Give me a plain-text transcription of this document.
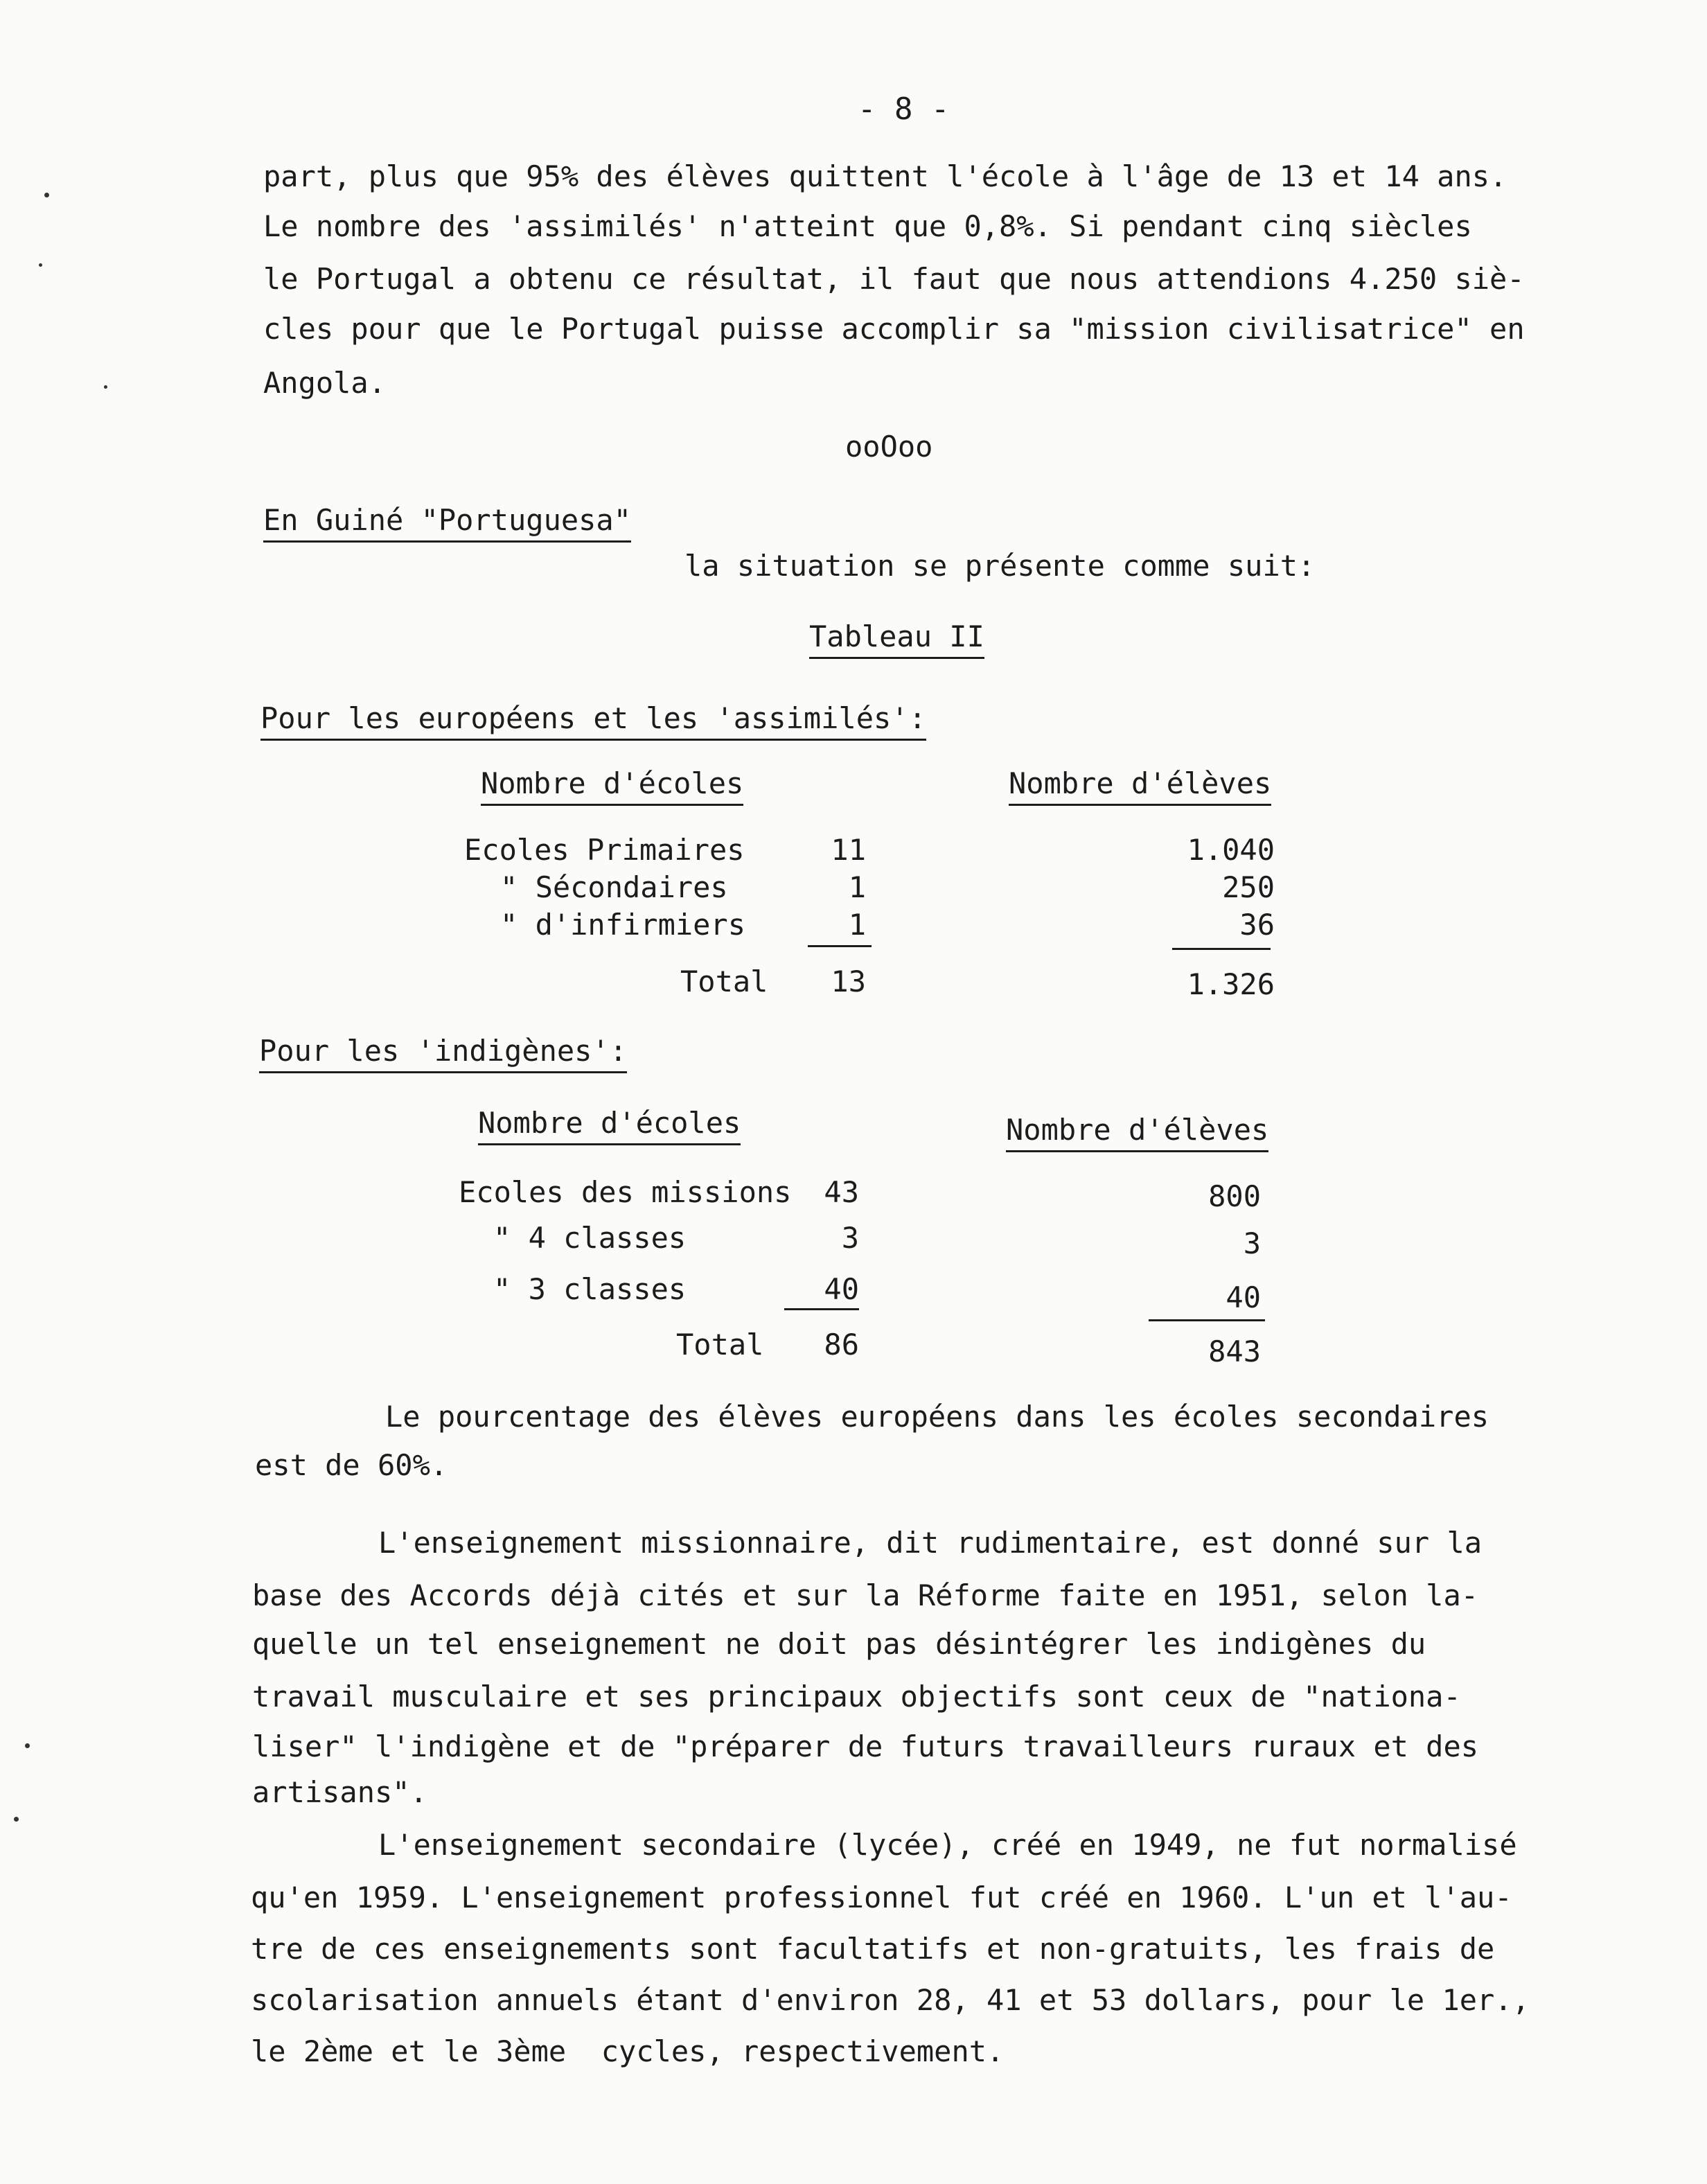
- 8 -
part, plus que 95% des élèves quittent l'école à l'âge de 13 et 14 ans.
Le nombre des 'assimilés' n'atteint que 0,8%. Si pendant cinq siècles
le Portugal a obtenu ce résultat, il faut que nous attendions 4.250 siè-
cles pour que le Portugal puisse accomplir sa "mission civilisatrice" en
Angola.
ooOoo
En Guiné "Portuguesa"
la situation se présente comme suit:
Tableau II
Pour les européens et les 'assimilés':
Nombre d'écoles	Nombre d'élèves
Ecoles Primaires	11	1.040
" Sécondaires	1	250
" d'infirmiers	1	36
Total	13	1.326
Pour les 'indigènes':
Nombre d'écoles	Nombre d'élèves
Ecoles des missions	43	800
" 4 classes	3	3
" 3 classes	40	40
Total	86	843
Le pourcentage des élèves européens dans les écoles secondaires
est de 60%.
L'enseignement missionnaire, dit rudimentaire, est donné sur la
base des Accords déjà cités et sur la Réforme faite en 1951, selon la-
quelle un tel enseignement ne doit pas désintégrer les indigènes du
travail musculaire et ses principaux objectifs sont ceux de "nationa-
liser" l'indigène et de "préparer de futurs travailleurs ruraux et des
artisans".
L'enseignement secondaire (lycée), créé en 1949, ne fut normalisé
qu'en 1959. L'enseignement professionnel fut créé en 1960. L'un et l'au-
tre de ces enseignements sont facultatifs et non-gratuits, les frais de
scolarisation annuels étant d'environ 28, 41 et 53 dollars, pour le 1er.,
le 2ème et le 3ème  cycles, respectivement.
